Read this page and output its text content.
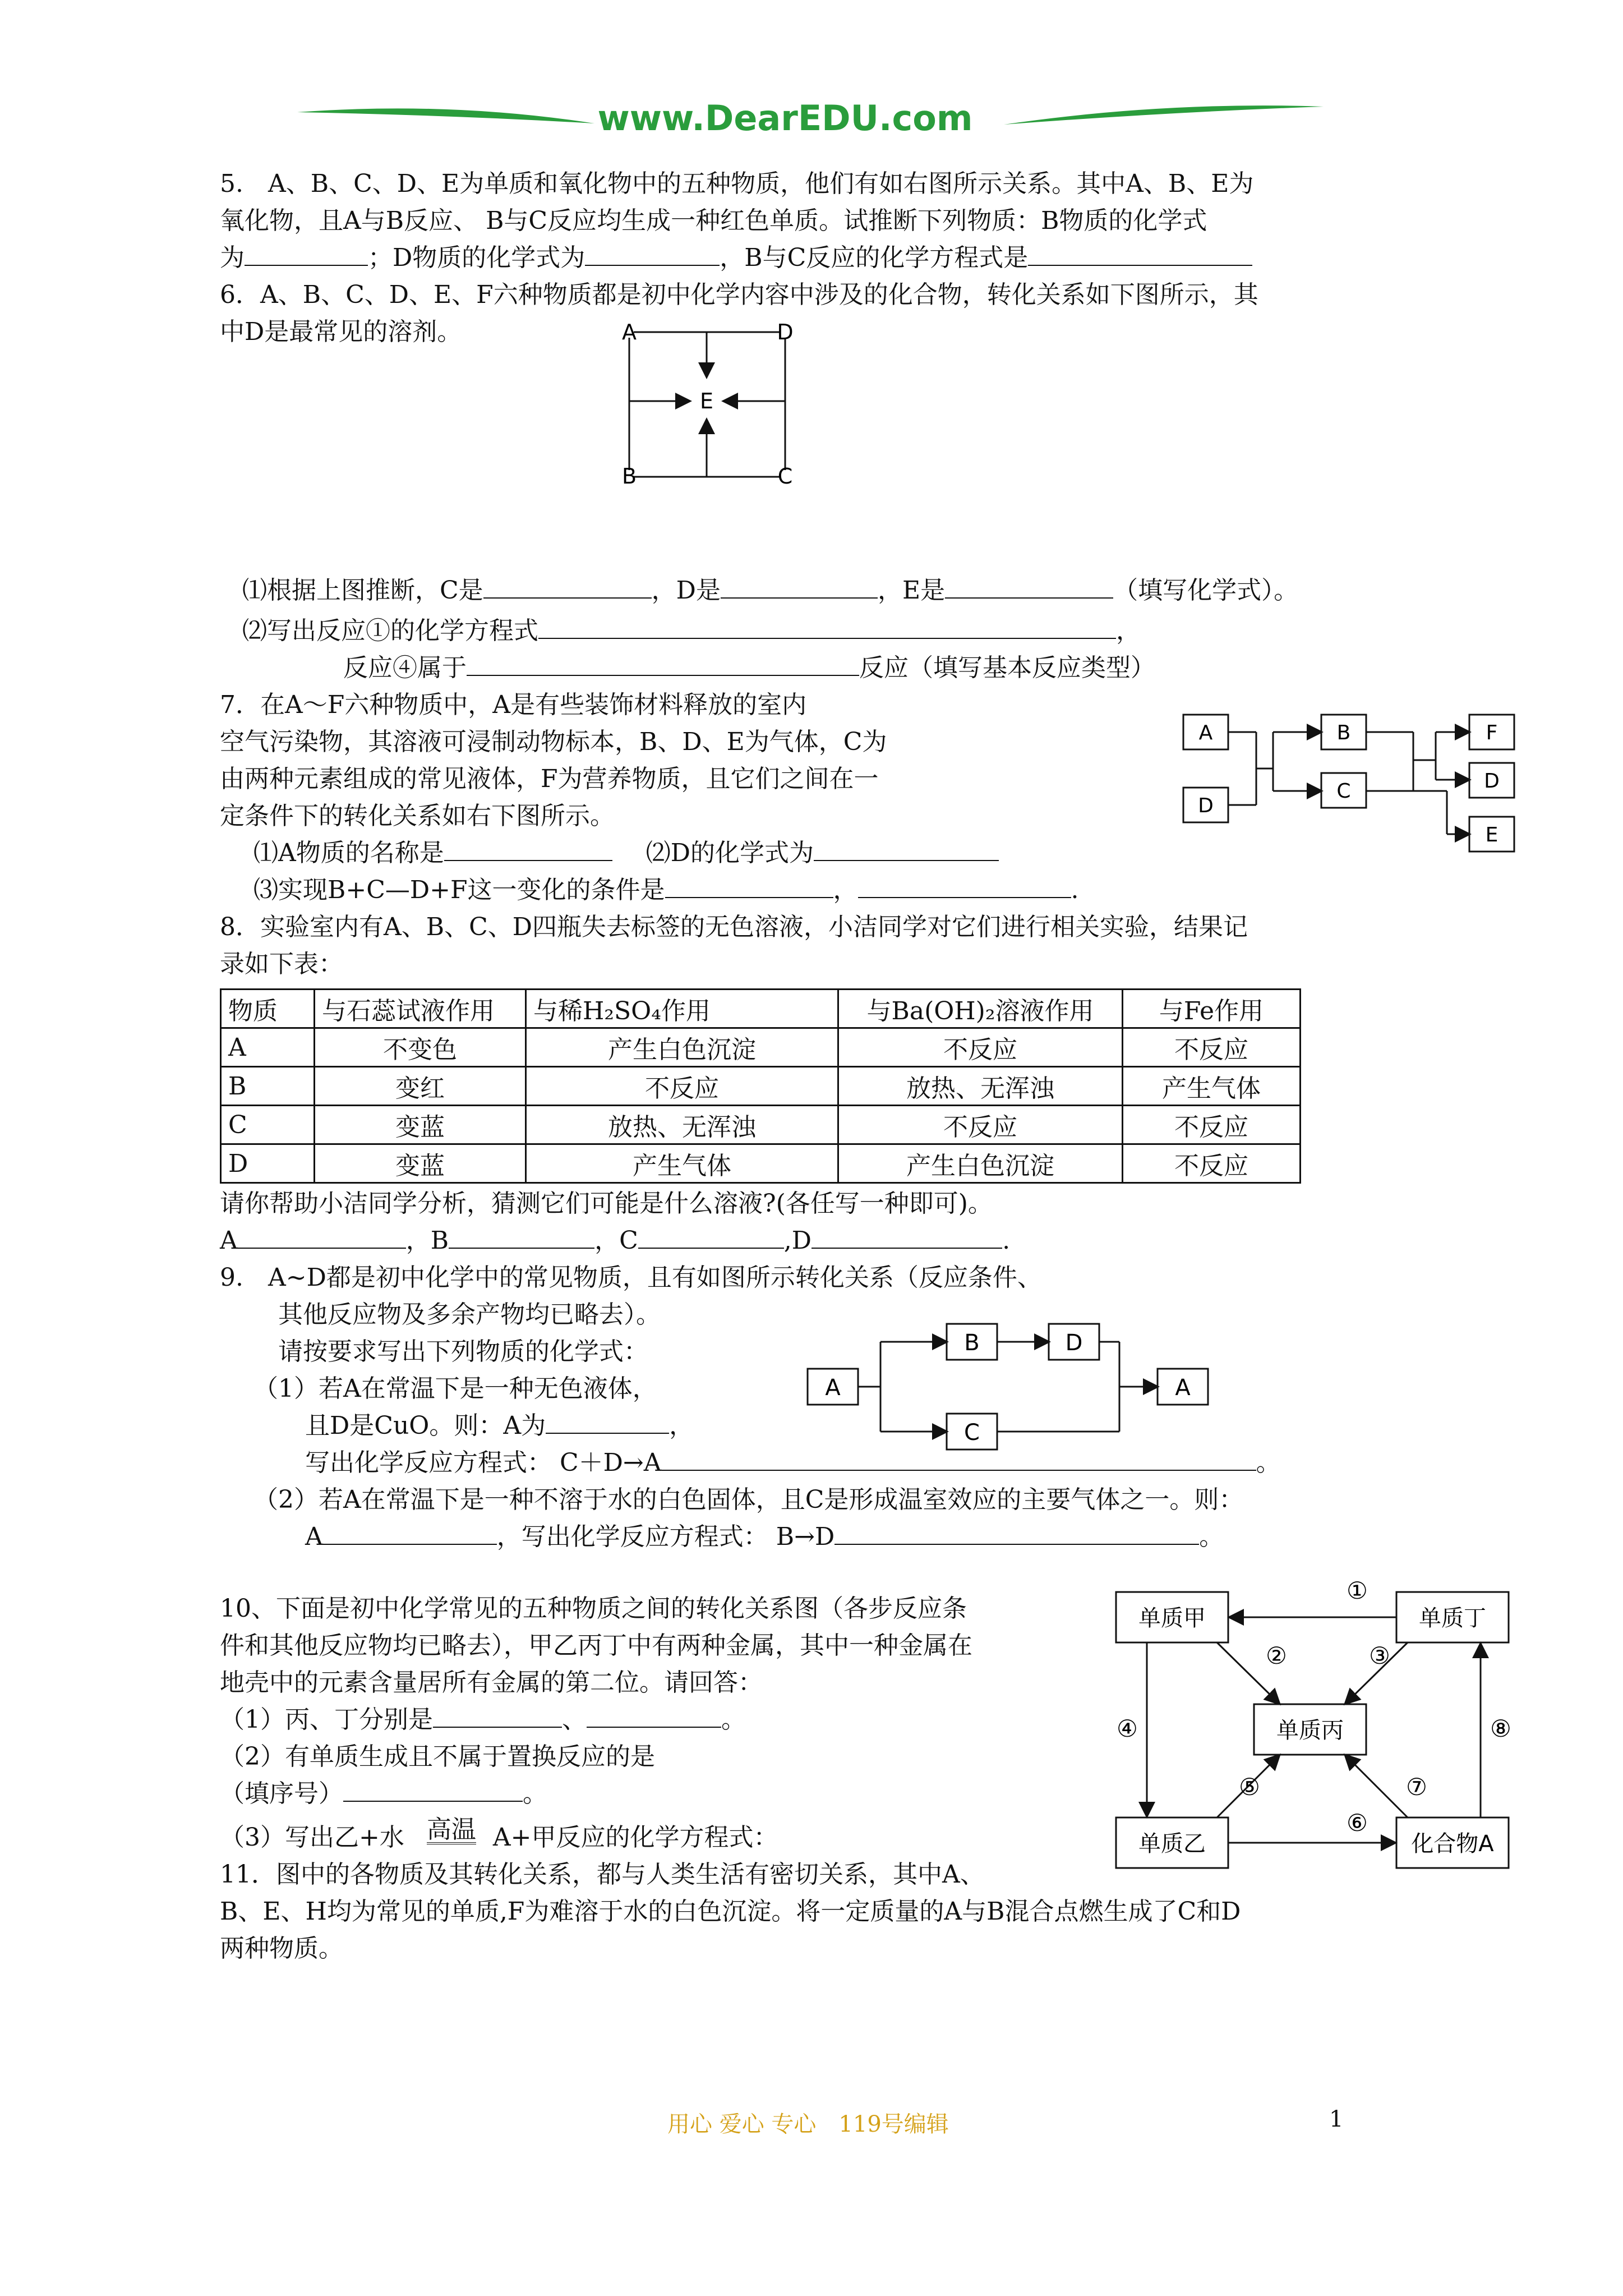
www.DearEDU.com
5.　A、B、C、D、E为单质和氧化物中的五种物质，他们有如右图所示关系。其中A、B、E为
氧化物，且A与B反应、 B与C反应均生成一种红色单质。试推断下列物质：B物质的化学式
为	；D物质的化学式为	，B与C反应的化学方程式是
6．A、B、C、D、E、F六种物质都是初中化学内容中涉及的化合物，转化关系如下图所示，其
中D是最常见的溶剂。	A	D
E
B	C
⑴根据上图推断，C是	，D是	，E是	（填写化学式）。
⑵写出反应①的化学方程式	，
反应④属于	反应（填写基本反应类型）
7．在A～F六种物质中，A是有些装饰材料释放的室内
空气污染物，其溶液可浸制动物标本，B、D、E为气体，C为
由两种元素组成的常见液体，F为营养物质，且它们之间在一
定条件下的转化关系如右下图所示。
⑴A物质的名称是	⑵D的化学式为
⑶实现B+C—D+F这一变化的条件是	，	.
A
D
B
C
F
D
E
8．实验室内有A、B、C、D四瓶失去标签的无色溶液，小洁同学对它们进行相关实验，结果记
录如下表：
物质	与石蕊试液作用	与稀H₂SO₄作用	与Ba(OH)₂溶液作用	与Fe作用
A	不变色	产生白色沉淀	不反应	不反应
B	变红	不反应	放热、无浑浊	产生气体
C	变蓝	放热、无浑浊	不反应	不反应
D	变蓝	产生气体	产生白色沉淀	不反应
请你帮助小洁同学分析，猜测它们可能是什么溶液?(各任写一种即可)。
A	，B	，C	,D	.
9.　A~D都是初中化学中的常见物质，且有如图所示转化关系（反应条件、
其他反应物及多余产物均已略去）。
请按要求写出下列物质的化学式：
（1）若A在常温下是一种无色液体，
且D是CuO。则：A为	，
写出化学反应方程式： C＋D→A	。
（2）若A在常温下是一种不溶于水的白色固体，且C是形成温室效应的主要气体之一。则：
A	，写出化学反应方程式： B→D	。
A
B	D
C
A
10、下面是初中化学常见的五种物质之间的转化关系图（各步反应条
件和其他反应物均已略去），甲乙丙丁中有两种金属，其中一种金属在
地壳中的元素含量居所有金属的第二位。请回答：
（1）丙、丁分别是	、	。
（2）有单质生成且不属于置换反应的是
（填序号）	。
（3）写出乙+水 高温 A+甲反应的化学方程式：
单质甲	单质丁
单质丙
单质乙	化合物A
①
②	③
④
⑤
⑥
⑦
⑧
11．图中的各物质及其转化关系，都与人类生活有密切关系，其中A、
B、E、H均为常见的单质,F为难溶于水的白色沉淀。将一定质量的A与B混合点燃生成了C和D
两种物质。
用心 爱心 专心　119号编辑	1
